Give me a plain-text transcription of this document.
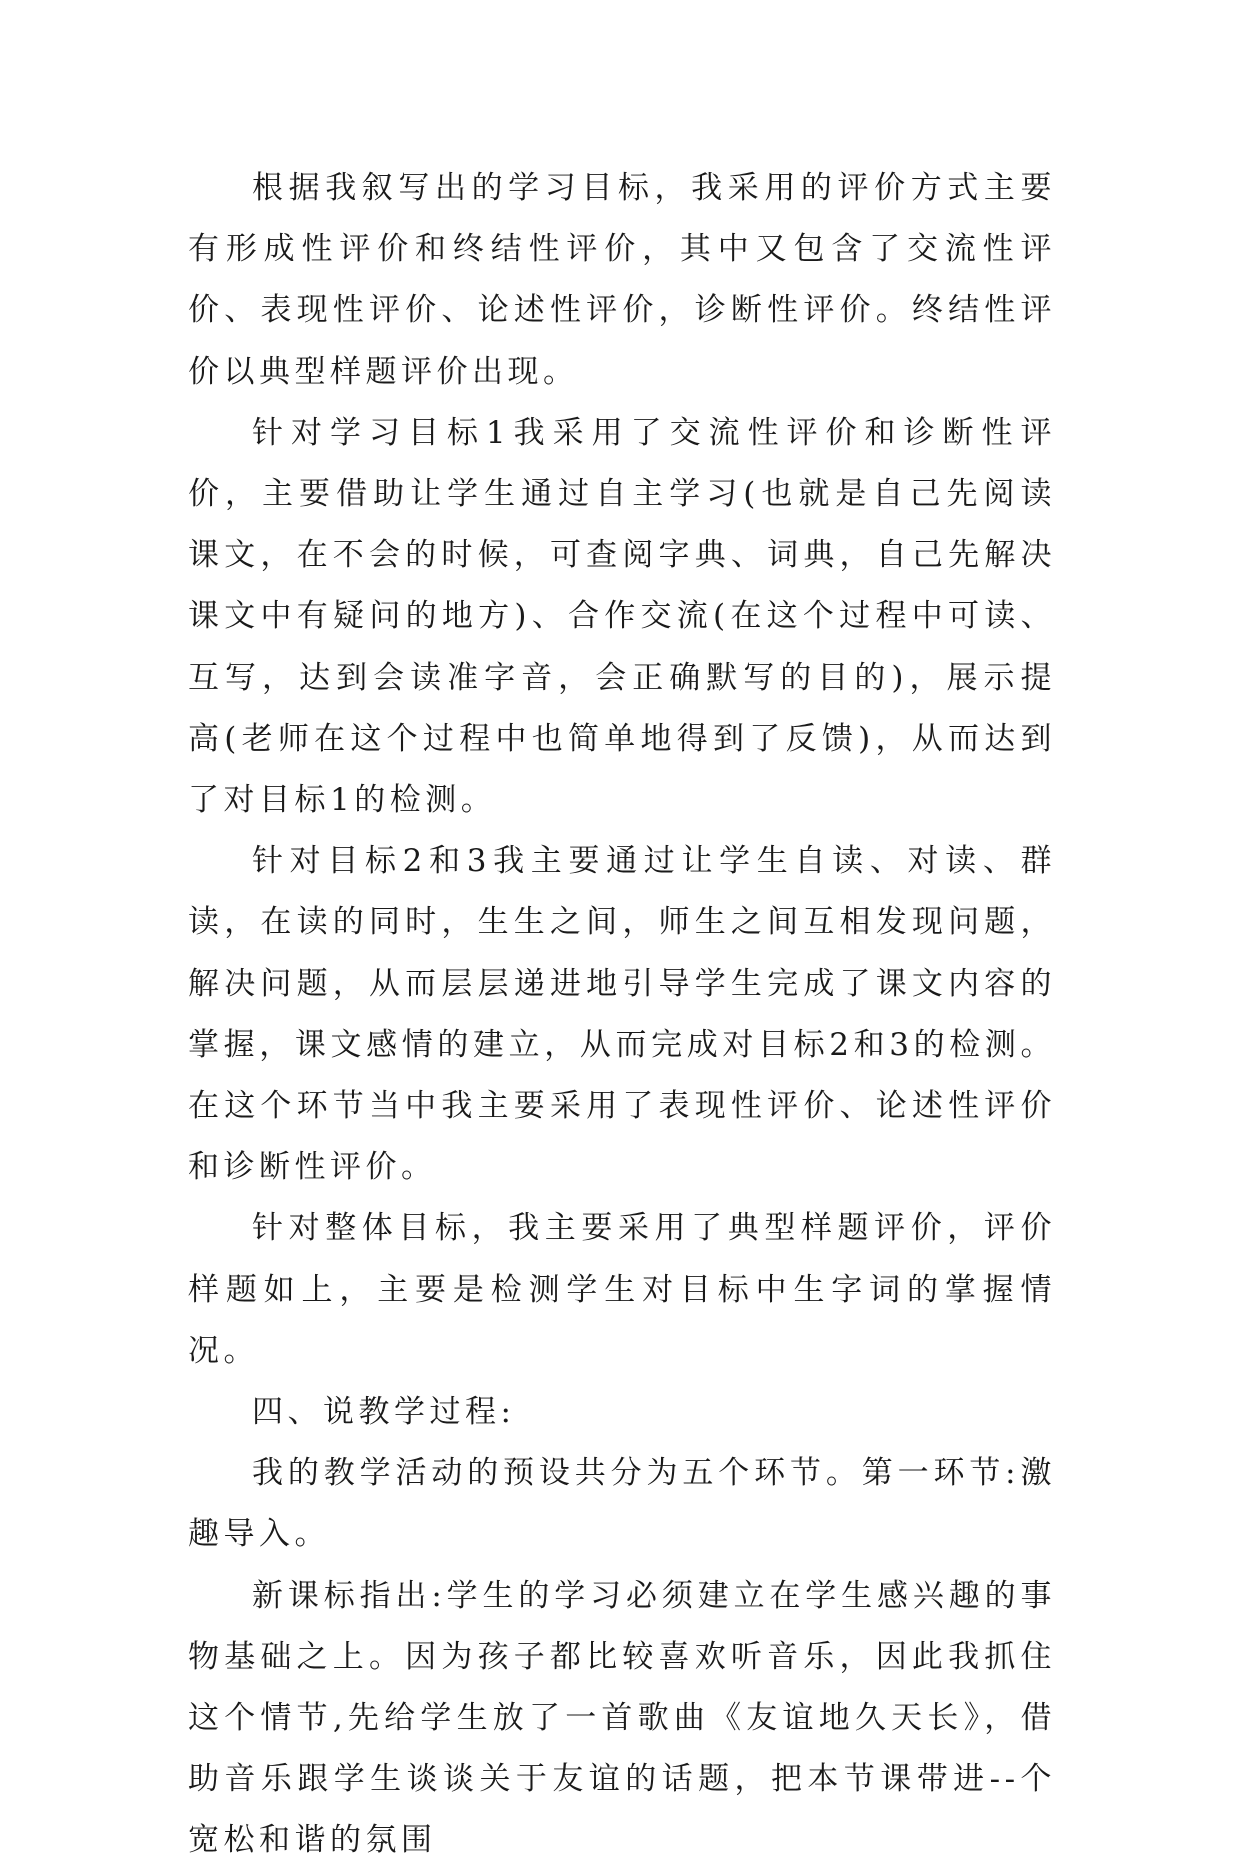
根据我叙写出的学习目标，我采用的评价方式主要有形成性评价和终结性评价，其中又包含了交流性评价、表现性评价、论述性评价，诊断性评价。终结性评价以典型样题评价出现。

针对学习目标1我采用了交流性评价和诊断性评价，主要借助让学生通过自主学习(也就是自己先阅读课文，在不会的时候，可查阅字典、词典，自己先解决课文中有疑问的地方)、合作交流(在这个过程中可读、互写，达到会读准字音，会正确默写的目的)，展示提高(老师在这个过程中也简单地得到了反馈)，从而达到了对目标1的检测。

针对目标2和3我主要通过让学生自读、对读、群读，在读的同时，生生之间，师生之间互相发现问题，解决问题，从而层层递进地引导学生完成了课文内容的掌握，课文感情的建立，从而完成对目标2和3的检测。在这个环节当中我主要采用了表现性评价、论述性评价和诊断性评价。

针对整体目标，我主要采用了典型样题评价，评价样题如上，主要是检测学生对目标中生字词的掌握情况。

四、说教学过程:

我的教学活动的预设共分为五个环节。第一环节:激趣导入。

新课标指出:学生的学习必须建立在学生感兴趣的事物基础之上。因为孩子都比较喜欢听音乐，因此我抓住这个情节,先给学生放了一首歌曲《友谊地久天长》，借助音乐跟学生谈谈关于友谊的话题，把本节课带进--个宽松和谐的氛围
